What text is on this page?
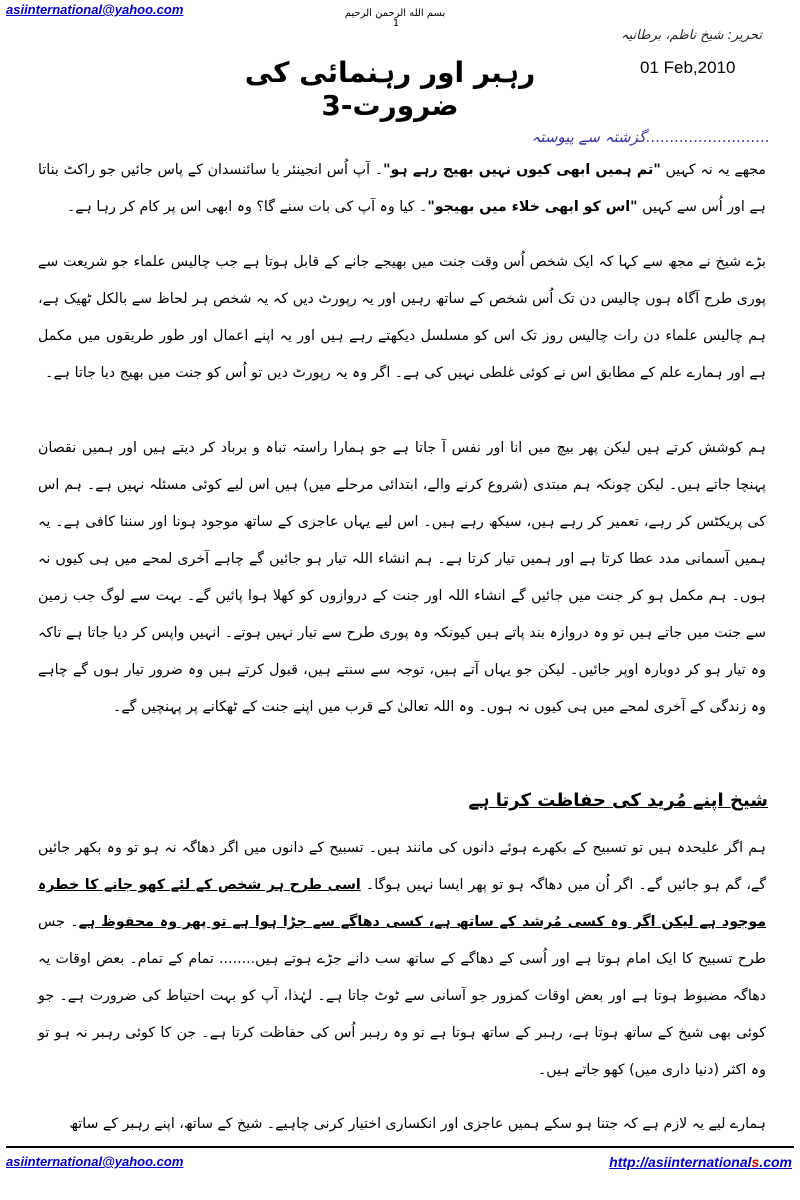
asiinternational@yahoo.com	بسم الله الرحمن الرحيم
1
تحریر: شیخ ناظم، برطانیہ
01 Feb,2010
رہبر اور رہنمائی کی ضرورت-3
..........................گزشتہ سے پیوستہ
مجھے یہ نہ کہیں "تم ہمیں ابھی کیوں نہیں بھیج رہے ہو"۔ آپ اُس انجینئر یا سائنسدان کے پاس جائیں جو راکٹ بناتا ہے اور اُس سے کہیں "اس کو ابھی خلاء میں بھیجو"۔ کیا وہ آپ کی بات سنے گا؟ وہ ابھی اس پر کام کر رہا ہے۔
بڑے شیخ نے مجھ سے کہا کہ ایک شخص اُس وقت جنت میں بھیجے جانے کے قابل ہوتا ہے جب چالیس علماء جو شریعت سے پوری طرح آگاہ ہوں چالیس دن تک اُس شخص کے ساتھ رہیں اور یہ رپورٹ دیں کہ یہ شخص ہر لحاظ سے بالکل ٹھیک ہے، ہم چالیس علماء دن رات چالیس روز تک اس کو مسلسل دیکھتے رہے ہیں اور یہ اپنے اعمال اور طور طریقوں میں مکمل ہے اور ہمارے علم کے مطابق اس نے کوئی غلطی نہیں کی ہے۔ اگر وہ یہ رپورٹ دیں تو اُس کو جنت میں بھیج دیا جاتا ہے۔
ہم کوشش کرتے ہیں لیکن پھر بیچ میں انا اور نفس آ جاتا ہے جو ہمارا راستہ تباہ و برباد کر دیتے ہیں اور ہمیں نقصان پہنچا جاتے ہیں۔ لیکن چونکہ ہم مبتدی (شروع کرنے والے، ابتدائی مرحلے میں) ہیں اس لیے کوئی مسئلہ نہیں ہے۔ ہم اس کی پریکٹس کر رہے، تعمیر کر رہے ہیں، سیکھ رہے ہیں۔ اس لیے یہاں عاجزی کے ساتھ موجود ہونا اور سننا کافی ہے۔ یہ ہمیں آسمانی مدد عطا کرتا ہے اور ہمیں تیار کرتا ہے۔ ہم انشاء اللہ تیار ہو جائیں گے چاہے آخری لمحے میں ہی کیوں نہ ہوں۔ ہم مکمل ہو کر جنت میں جائیں گے انشاء اللہ اور جنت کے دروازوں کو کھلا ہوا پائیں گے۔ بہت سے لوگ جب زمین سے جنت میں جاتے ہیں تو وہ دروازہ بند پاتے ہیں کیونکہ وہ پوری طرح سے تیار نہیں ہوتے۔ انہیں واپس کر دیا جاتا ہے تاکہ وہ تیار ہو کر دوبارہ اوپر جائیں۔ لیکن جو یہاں آتے ہیں، توجہ سے سنتے ہیں، قبول کرتے ہیں وہ ضرور تیار ہوں گے چاہے وہ زندگی کے آخری لمحے میں ہی کیوں نہ ہوں۔ وہ اللہ تعالیٰ کے قرب میں اپنے جنت کے ٹھکانے پر پہنچیں گے۔
شیخ اپنے مُرید کی حفاظت کرتا ہے
ہم اگر علیحدہ ہیں تو تسبیح کے بکھرے ہوئے دانوں کی مانند ہیں۔ تسبیح کے دانوں میں اگر دھاگہ نہ ہو تو وہ بکھر جائیں گے، گم ہو جائیں گے۔ اگر اُن میں دھاگہ ہو تو پھر ایسا نہیں ہوگا۔ اسی طرح ہر شخص کے لئے کھو جانے کا خطرہ موجود ہے لیکن اگر وہ کسی مُرشد کے ساتھ ہے، کسی دھاگے سے جڑا ہوا ہے تو پھر وہ محفوظ ہے۔ جس طرح تسبیح کا ایک امام ہوتا ہے اور اُسی کے دھاگے کے ساتھ سب دانے جڑے ہوتے ہیں........ تمام کے تمام۔ بعض اوقات یہ دھاگہ مضبوط ہوتا ہے اور بعض اوقات کمزور جو آسانی سے ٹوٹ جاتا ہے۔ لہٰذا، آپ کو بہت احتیاط کی ضرورت ہے۔ جو کوئی بھی شیخ کے ساتھ ہوتا ہے، رہبر کے ساتھ ہوتا ہے تو وہ رہبر اُس کی حفاظت کرتا ہے۔ جن کا کوئی رہبر نہ ہو تو وہ اکثر (دنیا داری میں) کھو جاتے ہیں۔
ہمارے لیے یہ لازم ہے کہ جتنا ہو سکے ہمیں عاجزی اور انکساری اختیار کرنی چاہیے۔ شیخ کے ساتھ، اپنے رہبر کے ساتھ
asiinternational@yahoo.com	http://asiinternationals.com
